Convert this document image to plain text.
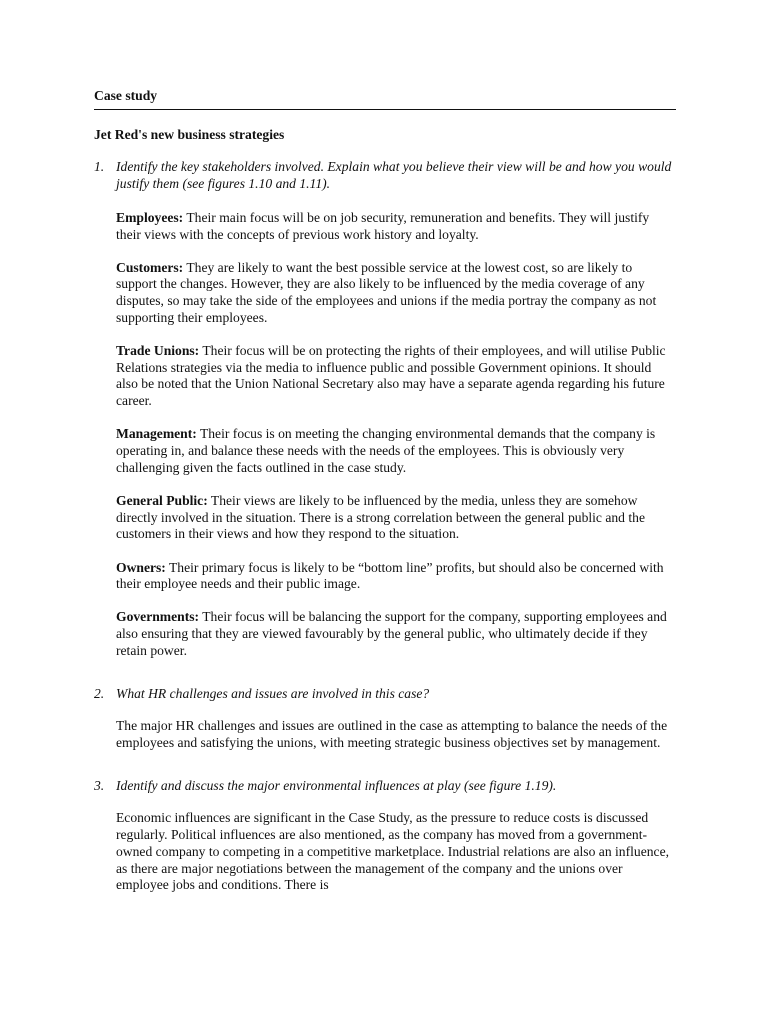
Case study
Jet Red's new business strategies
1. Identify the key stakeholders involved. Explain what you believe their view will be and how you would justify them (see figures 1.10 and 1.11).

Employees: Their main focus will be on job security, remuneration and benefits. They will justify their views with the concepts of previous work history and loyalty.

Customers: They are likely to want the best possible service at the lowest cost, so are likely to support the changes. However, they are also likely to be influenced by the media coverage of any disputes, so may take the side of the employees and unions if the media portray the company as not supporting their employees.

Trade Unions: Their focus will be on protecting the rights of their employees, and will utilise Public Relations strategies via the media to influence public and possible Government opinions. It should also be noted that the Union National Secretary also may have a separate agenda regarding his future career.

Management: Their focus is on meeting the changing environmental demands that the company is operating in, and balance these needs with the needs of the employees. This is obviously very challenging given the facts outlined in the case study.

General Public: Their views are likely to be influenced by the media, unless they are somehow directly involved in the situation. There is a strong correlation between the general public and the customers in their views and how they respond to the situation.

Owners: Their primary focus is likely to be “bottom line” profits, but should also be concerned with their employee needs and their public image.

Governments: Their focus will be balancing the support for the company, supporting employees and also ensuring that they are viewed favourably by the general public, who ultimately decide if they retain power.

2. What HR challenges and issues are involved in this case?

The major HR challenges and issues are outlined in the case as attempting to balance the needs of the employees and satisfying the unions, with meeting strategic business objectives set by management.

3. Identify and discuss the major environmental influences at play (see figure 1.19).

Economic influences are significant in the Case Study, as the pressure to reduce costs is discussed regularly. Political influences are also mentioned, as the company has moved from a government-owned company to competing in a competitive marketplace. Industrial relations are also an influence, as there are major negotiations between the management of the company and the unions over employee jobs and conditions. There is
